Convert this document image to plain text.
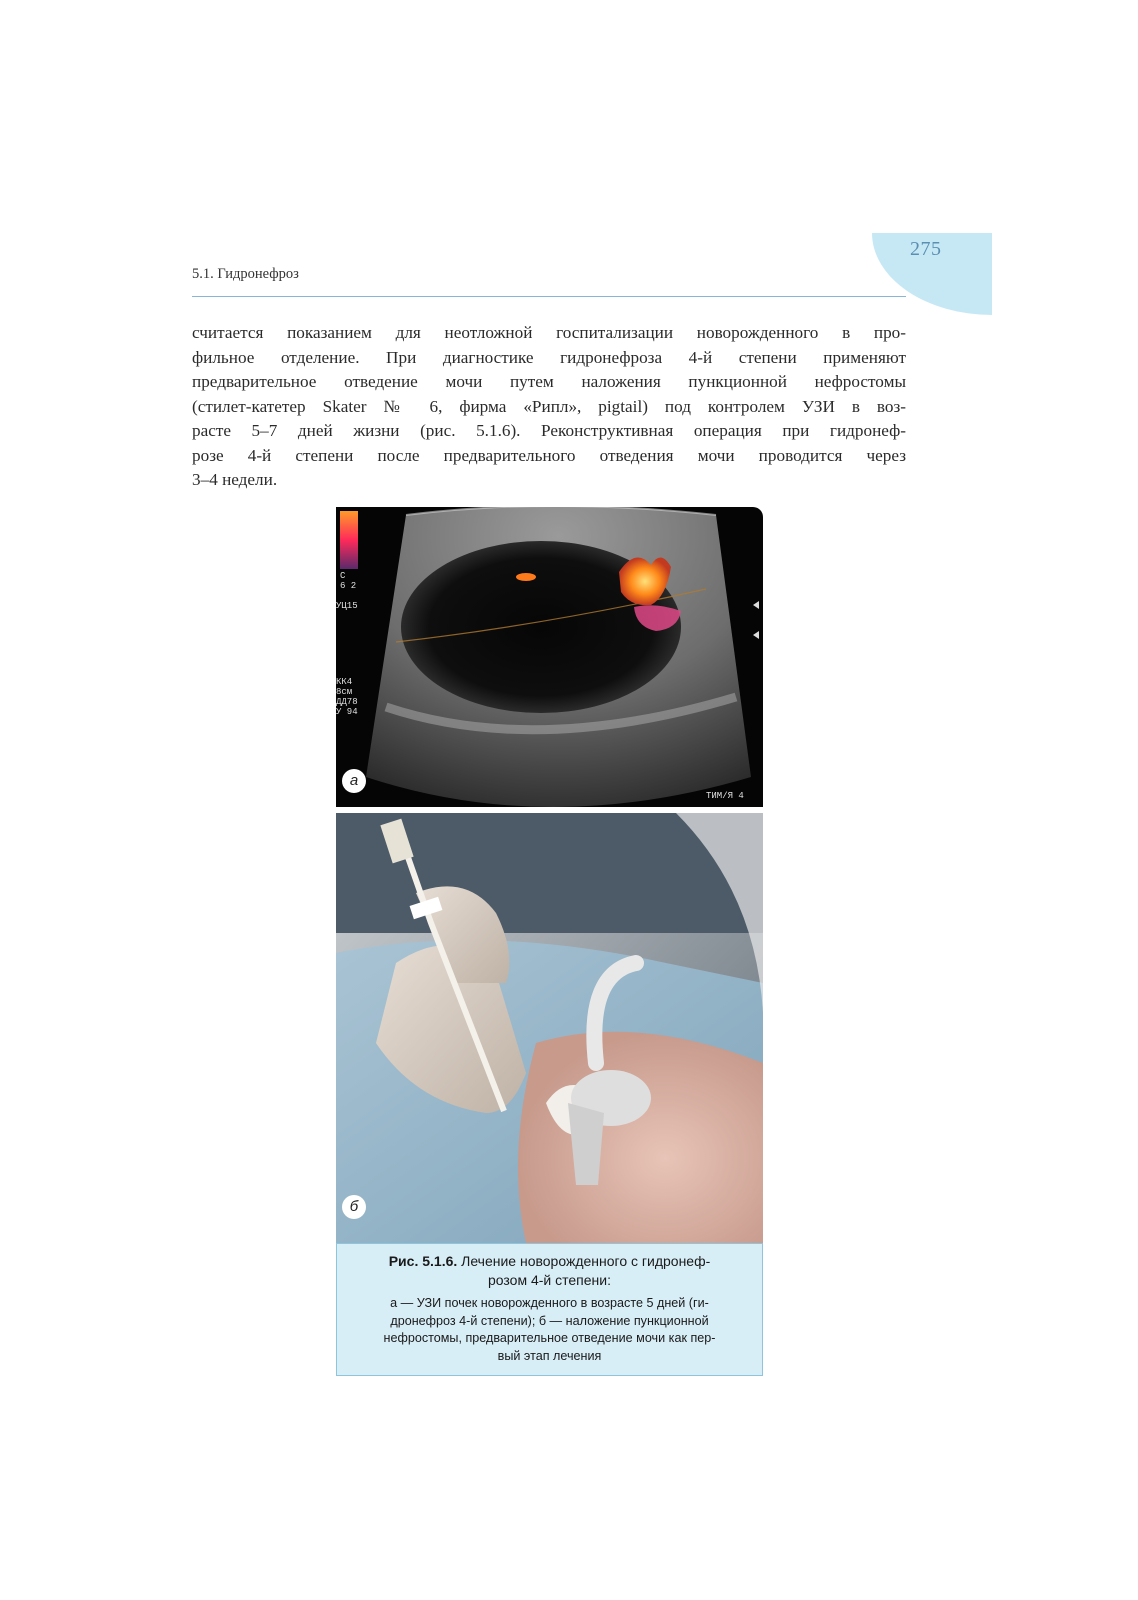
275
5.1. Гидронефроз
считается показанием для неотложной госпитализации новорожденного в про-
фильное отделение. При диагностике гидронефроза 4-й степени применяют
предварительное отведение мочи путем наложения пункционной нефростомы
(стилет-катетер Skater № 6, фирма «Рипл», pigtail) под контролем УЗИ в воз-
расте 5–7 дней жизни (рис. 5.1.6). Реконструктивная операция при гидронеф-
розе 4-й степени после предварительного отведения мочи проводится через
3–4 недели.
C
6 2
УЦ15
КК4
8cм
ДД78
У 94
ТИМ/Я 4
а
б
Рис. 5.1.6. Лечение новорожденного с гидронеф-
розом 4-й степени:
а — УЗИ почек новорожденного в возрасте 5 дней (ги-
дронефроз 4-й степени); б — наложение пункционной
нефростомы, предварительное отведение мочи как пер-
вый этап лечения
